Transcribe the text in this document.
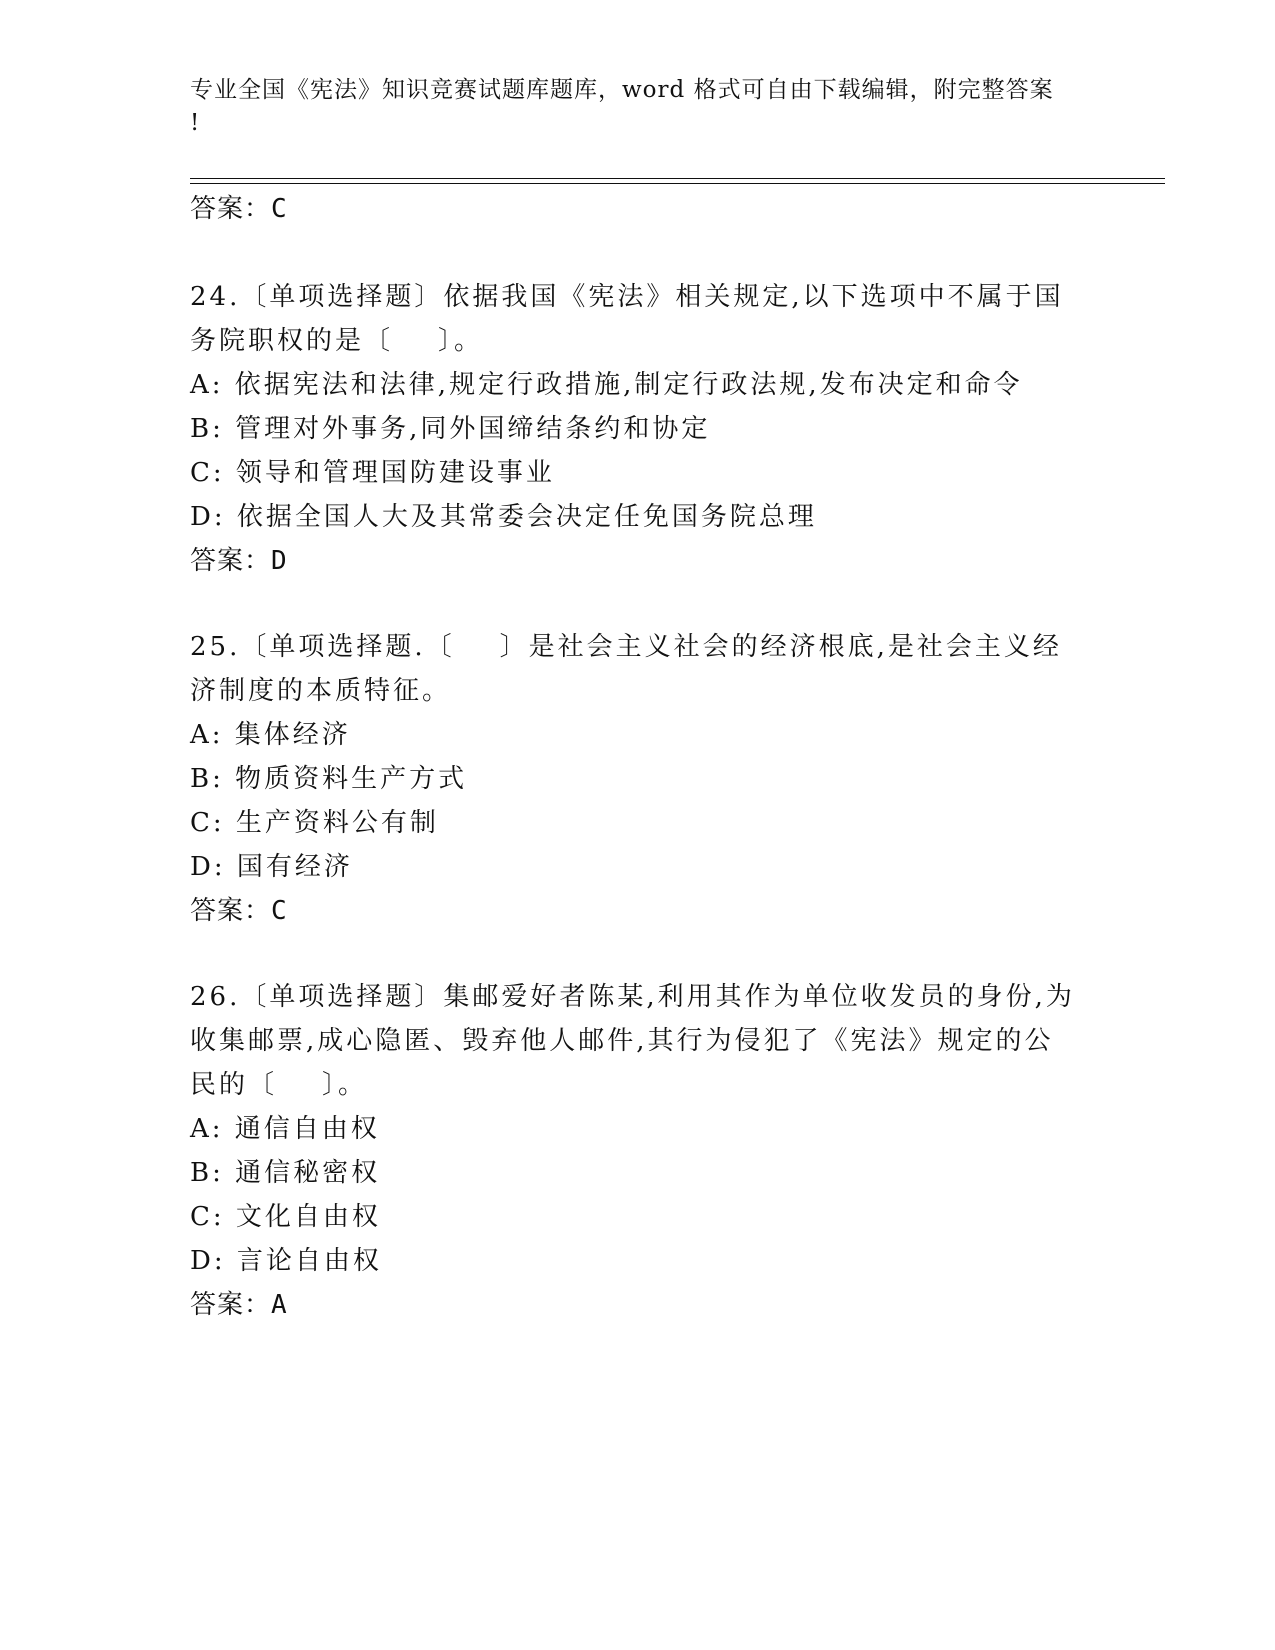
专业全国《宪法》知识竞赛试题库题库，word 格式可自由下载编辑，附完整答案
!
答案：C
24.〔单项选择题〕依据我国《宪法》相关规定,以下选项中不属于国
务院职权的是〔    〕。
A: 依据宪法和法律,规定行政措施,制定行政法规,发布决定和命令
B: 管理对外事务,同外国缔结条约和协定
C: 领导和管理国防建设事业
D: 依据全国人大及其常委会决定任免国务院总理
答案：D
25.〔单项选择题.〔    〕是社会主义社会的经济根底,是社会主义经
济制度的本质特征。
A: 集体经济
B: 物质资料生产方式
C: 生产资料公有制
D: 国有经济
答案：C
26.〔单项选择题〕集邮爱好者陈某,利用其作为单位收发员的身份,为
收集邮票,成心隐匿、毁弃他人邮件,其行为侵犯了《宪法》规定的公
民的〔    〕。
A: 通信自由权
B: 通信秘密权
C: 文化自由权
D: 言论自由权
答案：A
